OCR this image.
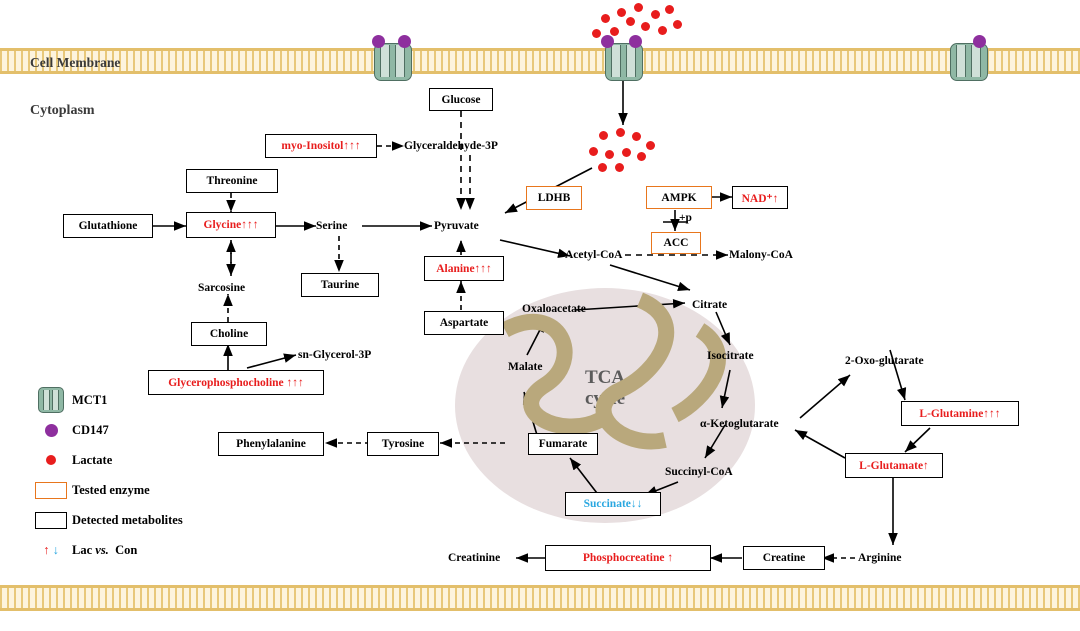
TCA
cycle
Cell Membrane
Cytoplasm
Glucose
myo-Inositol↑↑↑	Glyceraldehyde-3P
Threonine
Glutathione	Glycine↑↑↑	Serine	Pyruvate
Taurine
Sarcosine
Choline
sn-Glycerol-3P
Glycerophosphocholine ↑↑↑
Alanine↑↑↑
Aspartate
LDHB	AMPK	NAD⁺↑
ACC
+p
Acetyl-CoA	Malony-CoA
Oxaloacetate	Citrate
Isocitrate
Malate
α-Ketoglutarate
Fumarate
Succinyl-CoA
Succinate↓↓
Tyrosine
Phenylalanine
2-Oxo-glutarate
L-Glutamine↑↑↑
L-Glutamate↑
Creatine	Arginine
Phosphocreatine ↑
Creatinine
MCT1
CD147
Lactate
Tested enzyme
Detected metabolites
↑
↓ Lac vs.  Con
